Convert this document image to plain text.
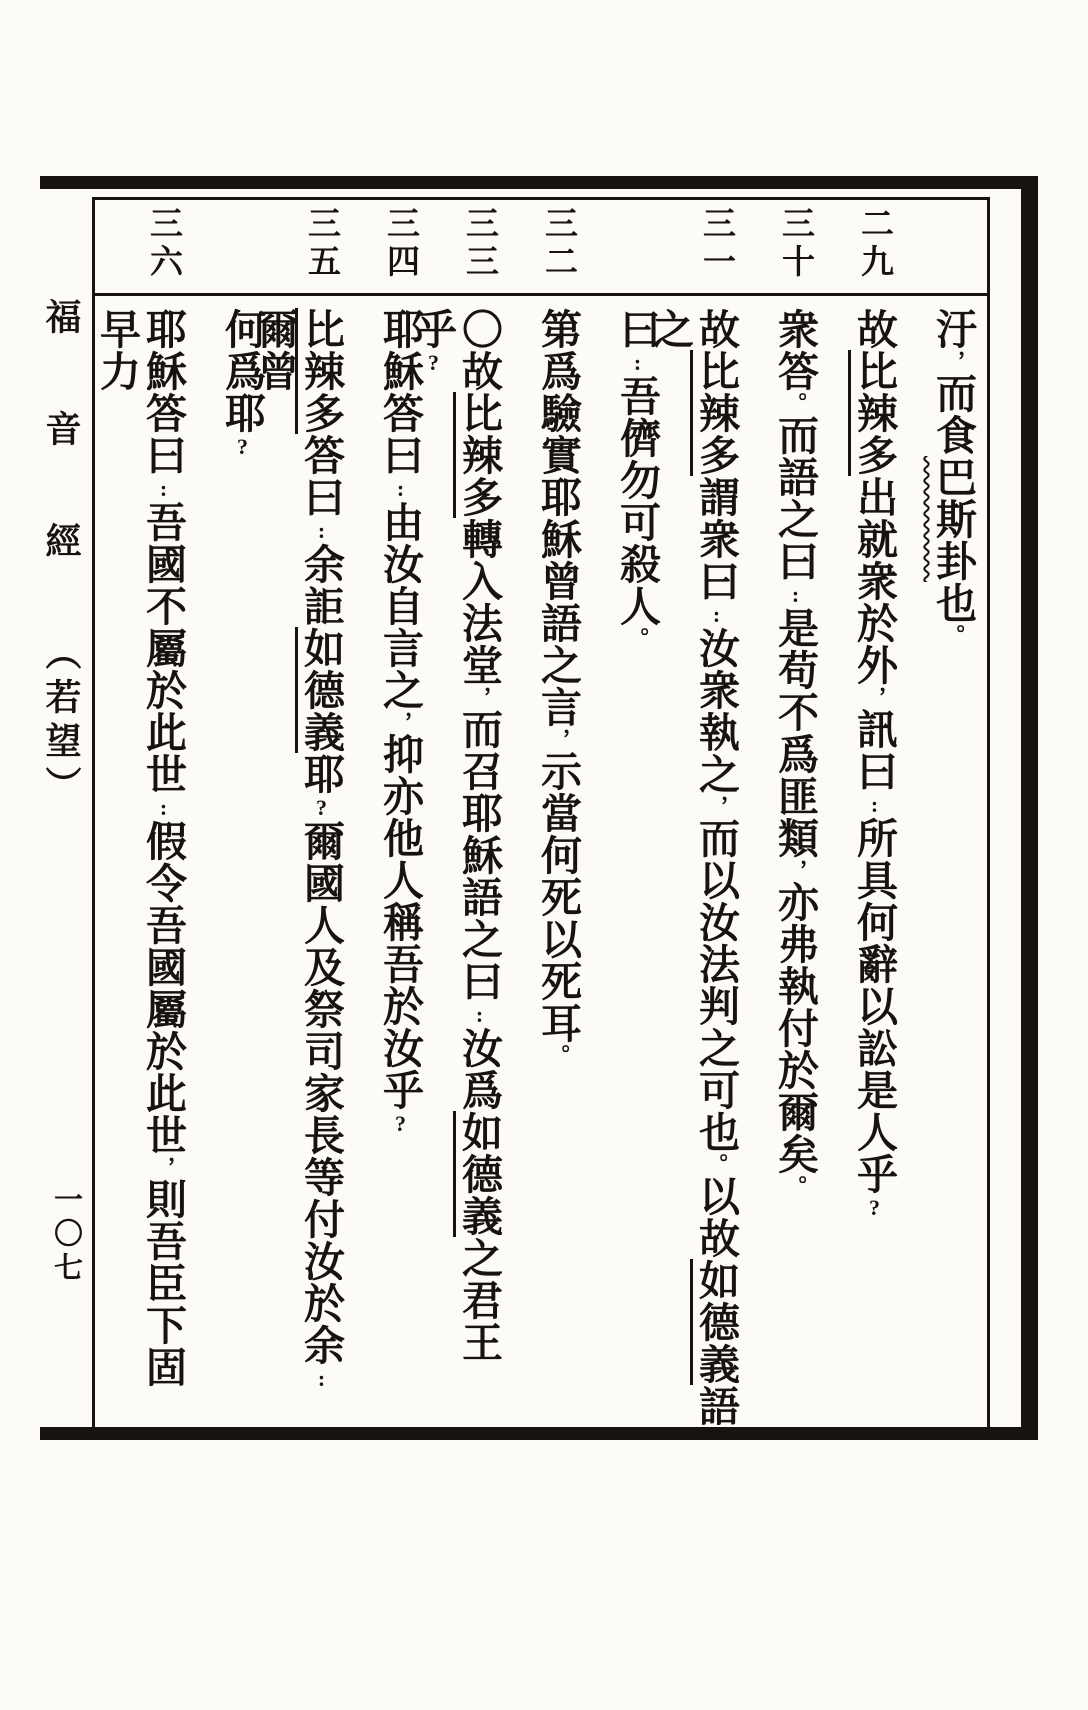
汙，而食巴斯卦也。
二九
故比辣多出就衆於外，訊曰:所具何辭以訟是人乎?
三十
衆答。而語之曰:是苟不爲匪類，亦弗執付於爾矣。
三一
故比辣多謂衆曰:汝衆執之，而以汝法判之可也。以故如德義語之
曰:吾儕勿可殺人。
三二
第爲驗實耶穌曾語之言，示當何死以死耳。
三三
〇故比辣多轉入法堂，而召耶穌語之曰:汝爲如德義之君王乎?
三四
耶穌答曰:由汝自言之，抑亦他人稱吾於汝乎?
三五
比辣多答曰:余詎如德義耶?爾國人及祭司家長等付汝於余:爾曾
何爲耶?
三六
耶穌答曰:吾國不屬於此世:假令吾國屬於此世，則吾臣下固早力
福音經（若望）
一〇七
